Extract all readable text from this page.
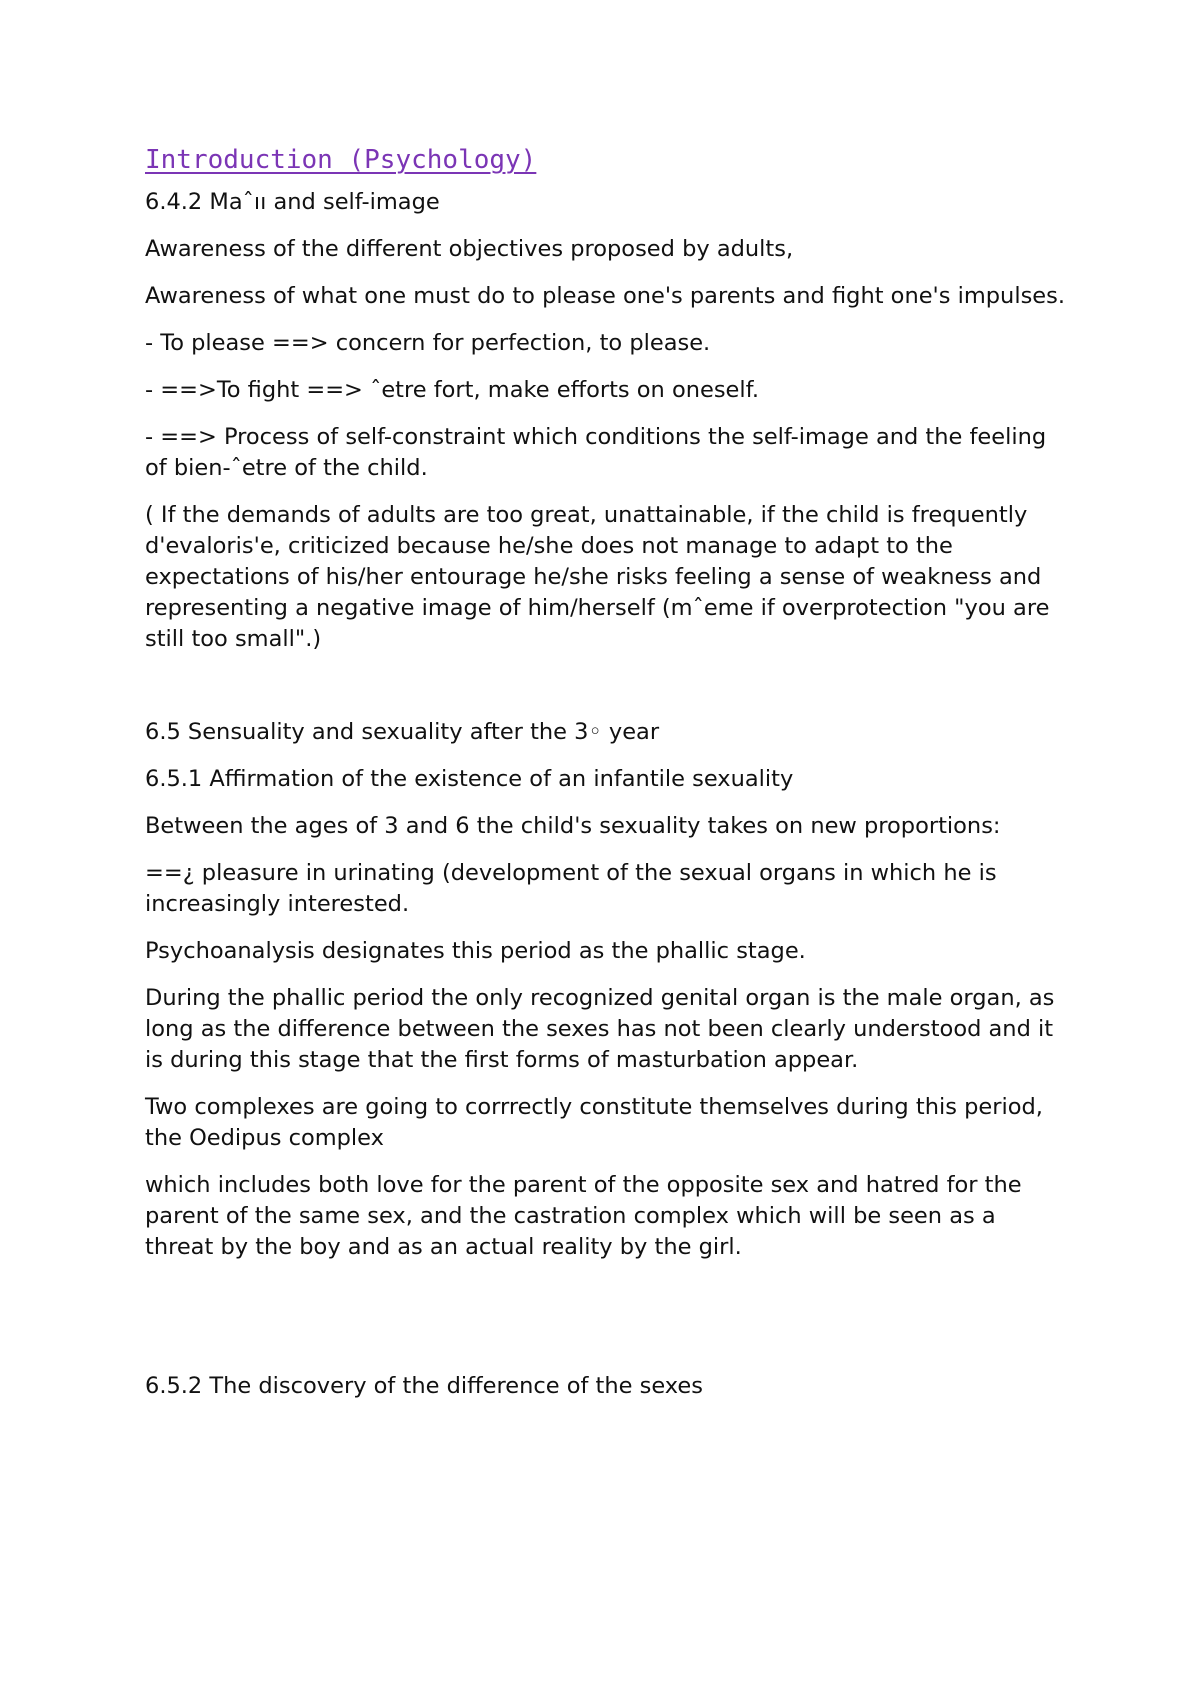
Introduction (Psychology)

6.4.2 Maˆıı and self-image

Awareness of the different objectives proposed by adults,

Awareness of what one must do to please one's parents and fight one's impulses.

- To please ==> concern for perfection, to please.

- ==>To fight ==> ˆetre fort, make efforts on oneself.

- ==> Process of self-constraint which conditions the self-image and the feeling of bien-ˆetre of the child.

( If the demands of adults are too great, unattainable, if the child is frequently d'evaloris'e, criticized because he/she does not manage to adapt to the expectations of his/her entourage he/she risks feeling a sense of weakness and representing a negative image of him/herself (mˆeme if overprotection "you are still too small".)

6.5 Sensuality and sexuality after the 3◦ year

6.5.1 Affirmation of the existence of an infantile sexuality

Between the ages of 3 and 6 the child's sexuality takes on new proportions:

==¿ pleasure in urinating (development of the sexual organs in which he is increasingly interested.

Psychoanalysis designates this period as the phallic stage.

During the phallic period the only recognized genital organ is the male organ, as long as the difference between the sexes has not been clearly understood and it is during this stage that the first forms of masturbation appear.

Two complexes are going to corrrectly constitute themselves during this period, the Oedipus complex

which includes both love for the parent of the opposite sex and hatred for the parent of the same sex, and the castration complex which will be seen as a threat by the boy and as an actual reality by the girl.

6.5.2 The discovery of the difference of the sexes
